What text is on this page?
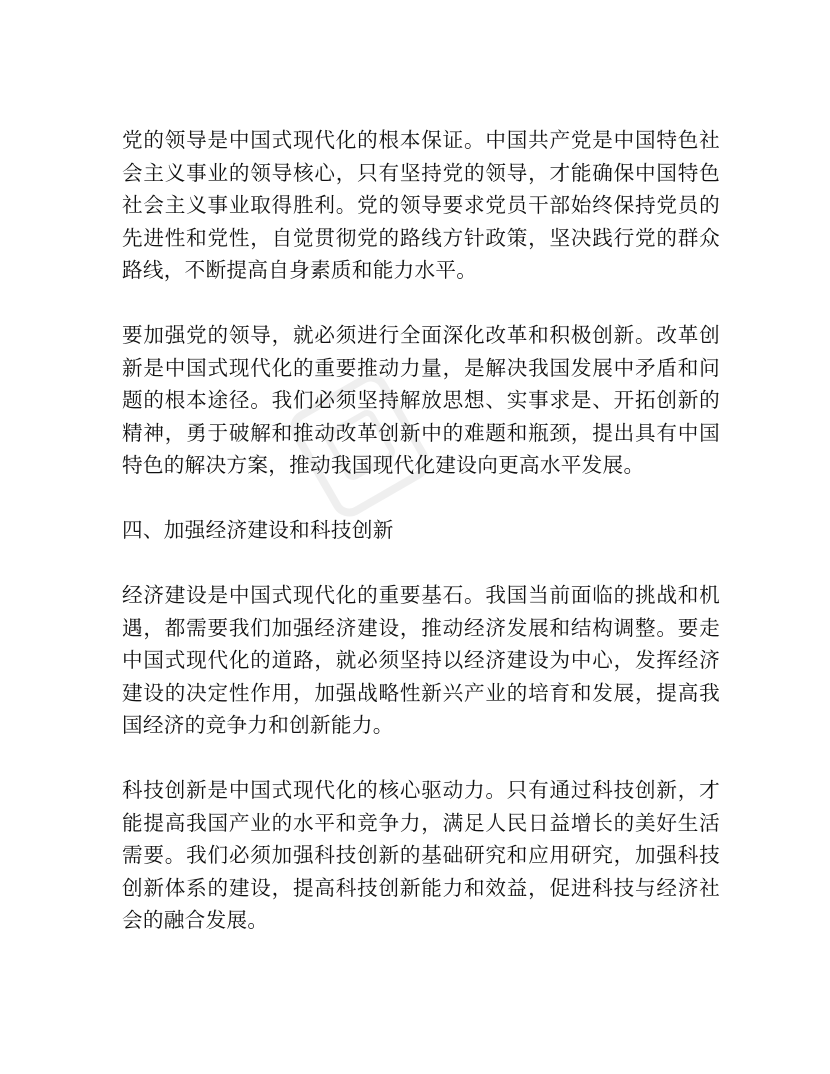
党的领导是中国式现代化的根本保证。中国共产党是中国特色社会主义事业的领导核心，只有坚持党的领导，才能确保中国特色社会主义事业取得胜利。党的领导要求党员干部始终保持党员的先进性和党性，自觉贯彻党的路线方针政策，坚决践行党的群众路线，不断提高自身素质和能力水平。

要加强党的领导，就必须进行全面深化改革和积极创新。改革创新是中国式现代化的重要推动力量，是解决我国发展中矛盾和问题的根本途径。我们必须坚持解放思想、实事求是、开拓创新的精神，勇于破解和推动改革创新中的难题和瓶颈，提出具有中国特色的解决方案，推动我国现代化建设向更高水平发展。

四、加强经济建设和科技创新

经济建设是中国式现代化的重要基石。我国当前面临的挑战和机遇，都需要我们加强经济建设，推动经济发展和结构调整。要走中国式现代化的道路，就必须坚持以经济建设为中心，发挥经济建设的决定性作用，加强战略性新兴产业的培育和发展，提高我国经济的竞争力和创新能力。

科技创新是中国式现代化的核心驱动力。只有通过科技创新，才能提高我国产业的水平和竞争力，满足人民日益增长的美好生活需要。我们必须加强科技创新的基础研究和应用研究，加强科技创新体系的建设，提高科技创新能力和效益，促进科技与经济社会的融合发展。
